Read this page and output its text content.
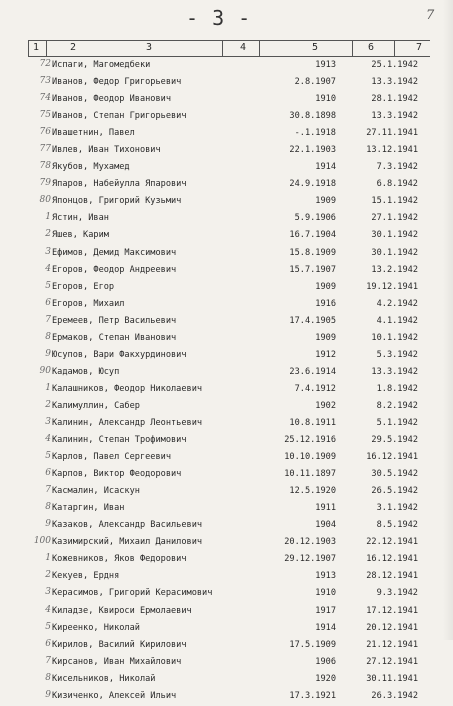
- 3 -	7
1	2	3	4	5	6	7
72 Испаги, Магомедбеки	1913	25.1.1942
73 Иванов, Федор Григорьевич	2.8.1907	13.3.1942
74 Иванов, Феодор Иванович	1910	28.1.1942
75 Иванов, Степан Григорьевич	30.8.1898	13.3.1942
76 Ивашетнин, Павел	-.1.1918	27.11.1941
77 Ивлев, Иван Тихонович	22.1.1903	13.12.1941
78 Якубов, Мухамед	1914	7.3.1942
79 Япаров, Набейулла Япарович	24.9.1918	6.8.1942
80 Японцов, Григорий Кузьмич	1909	15.1.1942
1 Ястин, Иван	5.9.1906	27.1.1942
2 Яшев, Карим	16.7.1904	30.1.1942
3 Ефимов, Демид Максимович	15.8.1909	30.1.1942
4 Егоров, Феодор Андреевич	15.7.1907	13.2.1942
5 Егоров, Егор	1909	19.12.1941
6 Егоров, Михаил	1916	4.2.1942
7 Еремеев, Петр Васильевич	17.4.1905	4.1.1942
8 Ермаков, Степан Иванович	1909	10.1.1942
9 Юсупов, Вари Факхурдинович	1912	5.3.1942
90 Кадамов, Юсуп	23.6.1914	13.3.1942
1 Калашников, Феодор Николаевич	7.4.1912	1.8.1942
2 Калимуллин, Сабер	1902	8.2.1942
3 Калинин, Александр Леонтьевич	10.8.1911	5.1.1942
4 Калинин, Степан Трофимович	25.12.1916	29.5.1942
5 Карлов, Павел Сергеевич	10.10.1909	16.12.1941
6 Карпов, Виктор Феодорович	10.11.1897	30.5.1942
7 Касмалин, Исаскун	12.5.1920	26.5.1942
8 Катаргин, Иван	1911	3.1.1942
9 Казаков, Александр Васильевич	1904	8.5.1942
100 Казимирский, Михаил Данилович	20.12.1903	22.12.1941
1 Кожевников, Яков Федорович	29.12.1907	16.12.1941
2 Кекуев, Ердня	1913	28.12.1941
3 Керасимов, Григорий Керасимович	1910	9.3.1942
4 Киладзе, Квироси Ермолаевич	1917	17.12.1941
5 Киреенко, Николай	1914	20.12.1941
6 Кирилов, Василий Кирилович	17.5.1909	21.12.1941
7 Кирсанов, Иван Михайлович	1906	27.12.1941
8 Кисельников, Николай	1920	30.11.1941
9 Кизиченко, Алексей Ильич	17.3.1921	26.3.1942
